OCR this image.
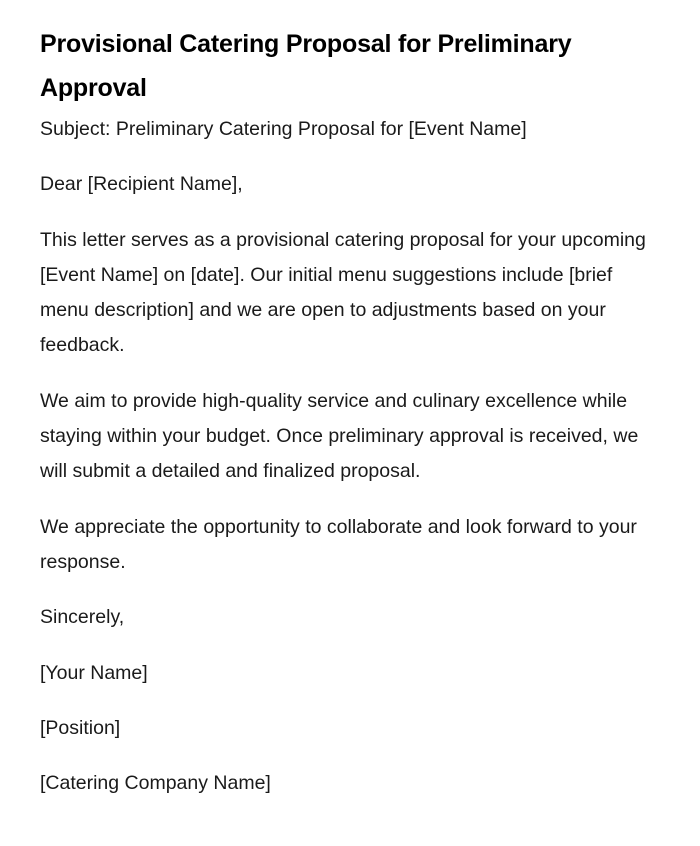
Provisional Catering Proposal for Preliminary Approval

Subject: Preliminary Catering Proposal for [Event Name]

Dear [Recipient Name],

This letter serves as a provisional catering proposal for your upcoming [Event Name] on [date]. Our initial menu suggestions include [brief menu description] and we are open to adjustments based on your feedback.

We aim to provide high-quality service and culinary excellence while staying within your budget. Once preliminary approval is received, we will submit a detailed and finalized proposal.

We appreciate the opportunity to collaborate and look forward to your response.

Sincerely,

[Your Name]

[Position]

[Catering Company Name]
